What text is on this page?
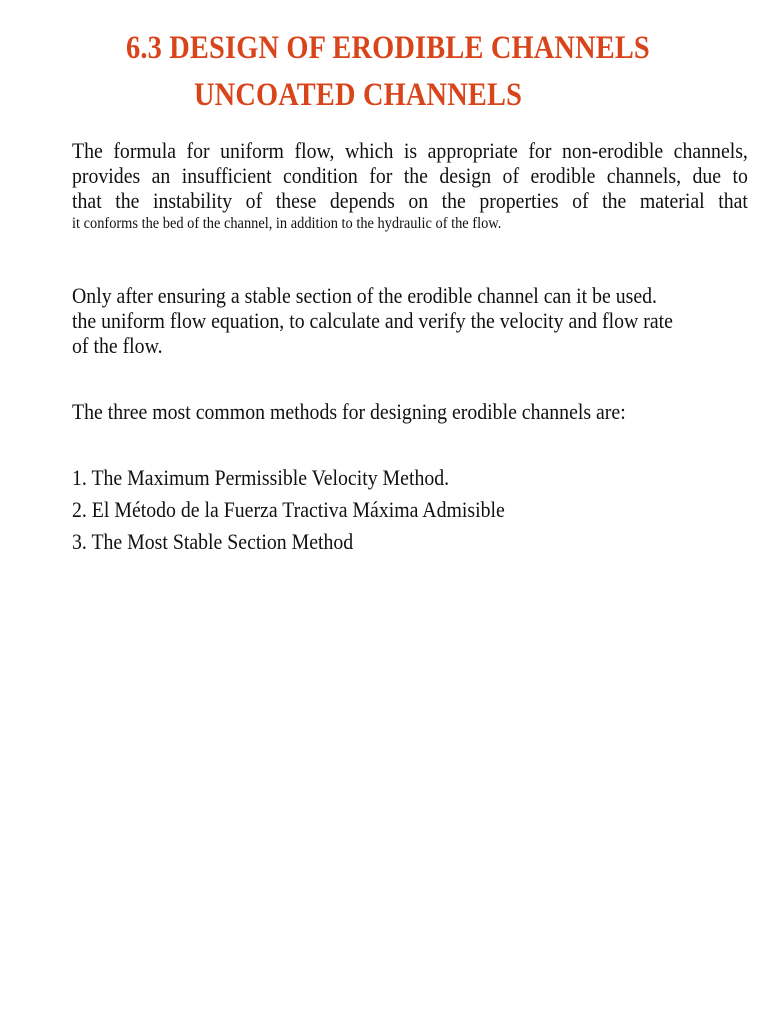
6.3 DESIGN OF ERODIBLE CHANNELS
UNCOATED CHANNELS
The formula for uniform flow, which is appropriate for non-erodible channels,
provides an insufficient condition for the design of erodible channels, due to
that the instability of these depends on the properties of the material that
it conforms the bed of the channel, in addition to the hydraulic of the flow.
Only after ensuring a stable section of the erodible channel can it be used.
the uniform flow equation, to calculate and verify the velocity and flow rate
of the flow.
The three most common methods for designing erodible channels are:
1. The Maximum Permissible Velocity Method.
2. El Método de la Fuerza Tractiva Máxima Admisible
3. The Most Stable Section Method
